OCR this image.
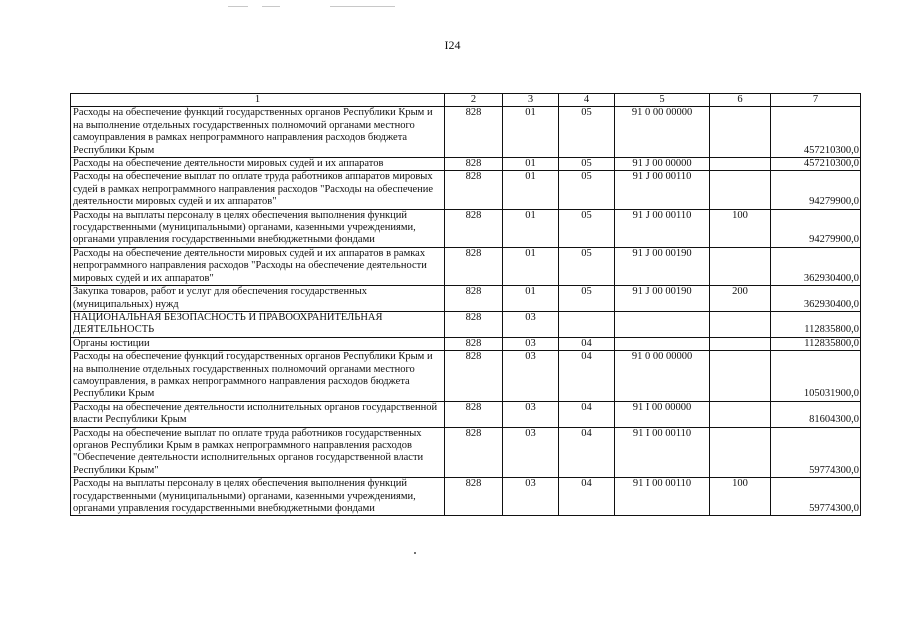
I24
1	2	3	4	5	6	7
Расходы на обеспечение функций государственных органов Республики Крым и на выполнение отдельных государственных полномочий органами местного самоуправления в рамках непрограммного направления расходов бюджета Республики Крым	828	01	05	91 0 00 00000		457210300,0
Расходы на обеспечение деятельности мировых судей и их аппаратов	828	01	05	91 J 00 00000		457210300,0
Расходы на обеспечение выплат по оплате труда работников аппаратов мировых судей в рамках непрограммного направления расходов "Расходы на обеспечение деятельности мировых судей и их аппаратов"	828	01	05	91 J 00 00110		94279900,0
Расходы на выплаты персоналу в целях обеспечения выполнения функций государственными (муниципальными) органами, казенными учреждениями, органами управления государственными внебюджетными фондами	828	01	05	91 J 00 00110	100	94279900,0
Расходы на обеспечение деятельности мировых судей и их аппаратов в рамках непрограммного направления расходов "Расходы на обеспечение деятельности мировых судей и их аппаратов"	828	01	05	91 J 00 00190		362930400,0
Закупка товаров, работ и услуг для обеспечения государственных (муниципальных) нужд	828	01	05	91 J 00 00190	200	362930400,0
НАЦИОНАЛЬНАЯ БЕЗОПАСНОСТЬ И ПРАВООХРАНИТЕЛЬНАЯ ДЕЯТЕЛЬНОСТЬ	828	03				112835800,0
Органы юстиции	828	03	04			112835800,0
Расходы на обеспечение функций государственных органов Республики Крым и на выполнение отдельных государственных полномочий органами местного самоуправления, в рамках непрограммного направления расходов бюджета Республики Крым	828	03	04	91 0 00 00000		105031900,0
Расходы на обеспечение деятельности исполнительных органов государственной власти Республики Крым	828	03	04	91 I 00 00000		81604300,0
Расходы на обеспечение выплат по оплате труда работников государственных органов Республики Крым в рамках непрограммного направления расходов "Обеспечение деятельности исполнительных органов государственной власти Республики Крым"	828	03	04	91 I 00 00110		59774300,0
Расходы на выплаты персоналу в целях обеспечения выполнения функций государственными (муниципальными) органами, казенными учреждениями, органами управления государственными внебюджетными фондами	828	03	04	91 I 00 00110	100	59774300,0
